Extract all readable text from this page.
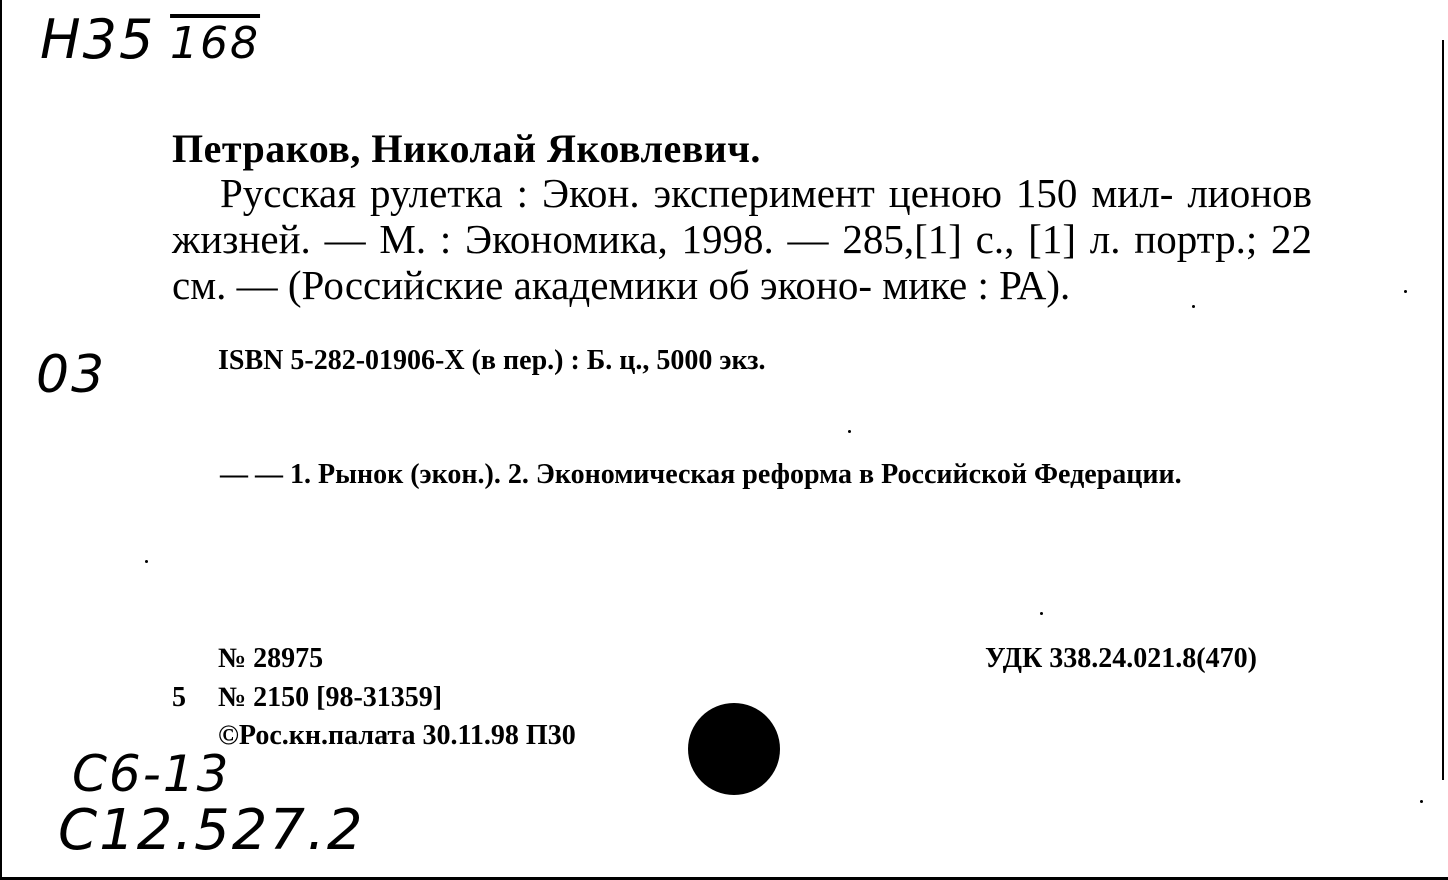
Н35 168
Петраков, Николай Яковлевич.
Русская рулетка : Экон. эксперимент ценою 150 мил- лионов жизней. — М. : Экономика, 1998. — 285,[1] с., [1] л. портр.; 22 см. — (Российские академики об эконо- мике : РА).
03	ISBN 5-282-01906-X (в пер.) : Б. ц., 5000 экз.
— — 1. Рынок (экон.). 2. Экономическая реформа в Российской Федерации.
№ 28975	УДК 338.24.021.8(470)
5 № 2150 [98-31359]
©Рос.кн.палата 30.11.98 П30
С6-13
С12.527.2
